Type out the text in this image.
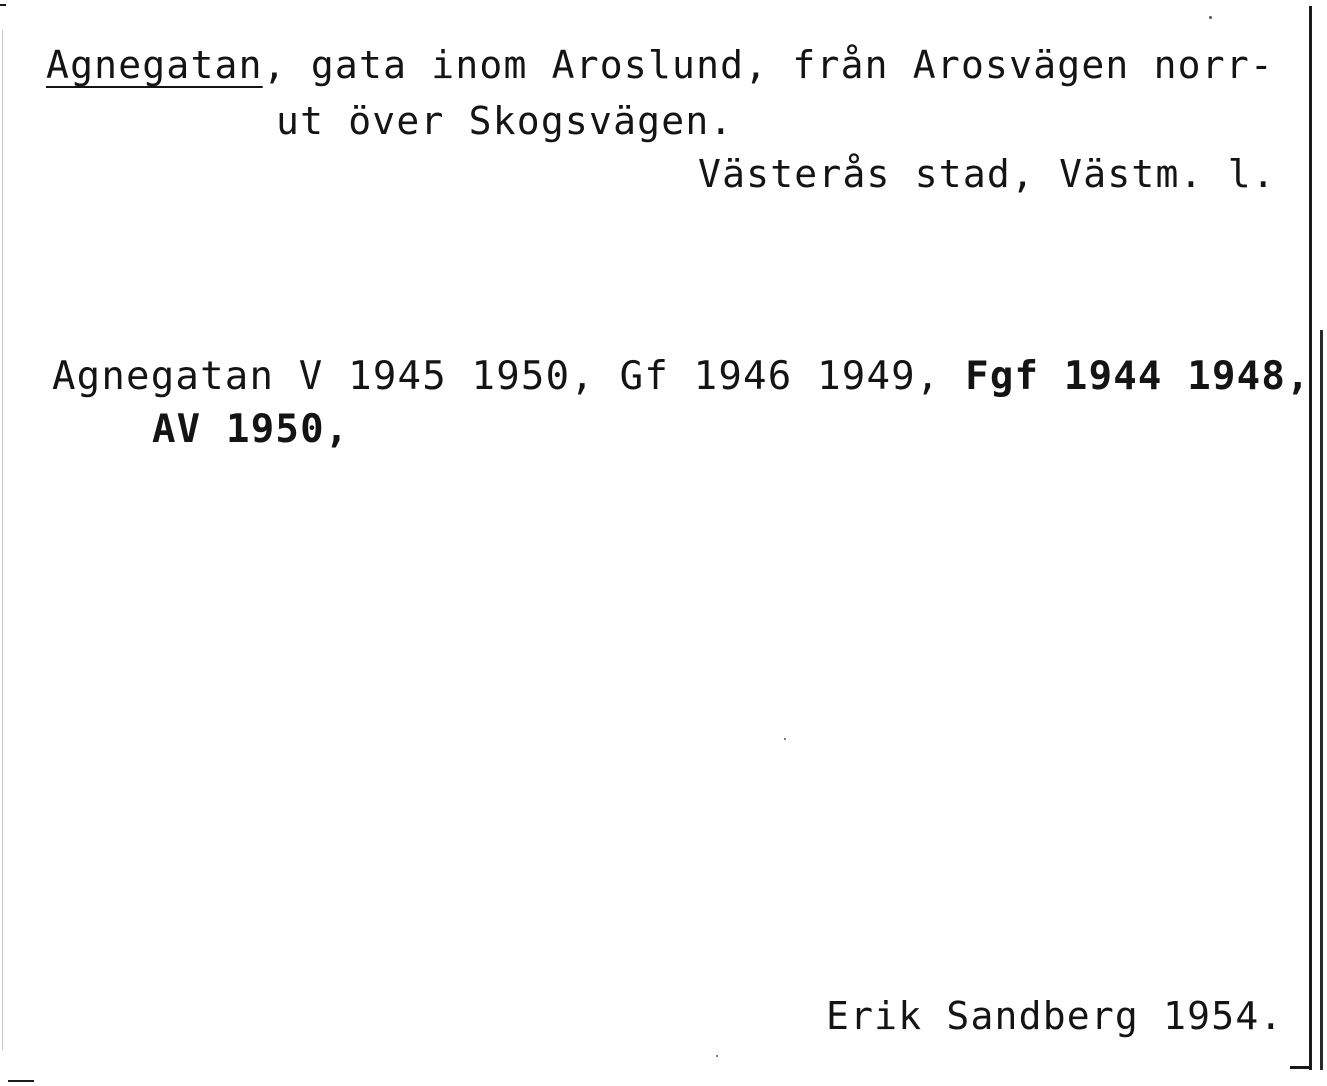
Agnegatan, gata inom Aroslund, från Arosvägen norr-
ut över Skogsvägen.
Västerås stad, Västm. l.
Agnegatan V 1945 1950, Gf 1946 1949, Fgf 1944 1948,
AV 1950,
Erik Sandberg 1954.
